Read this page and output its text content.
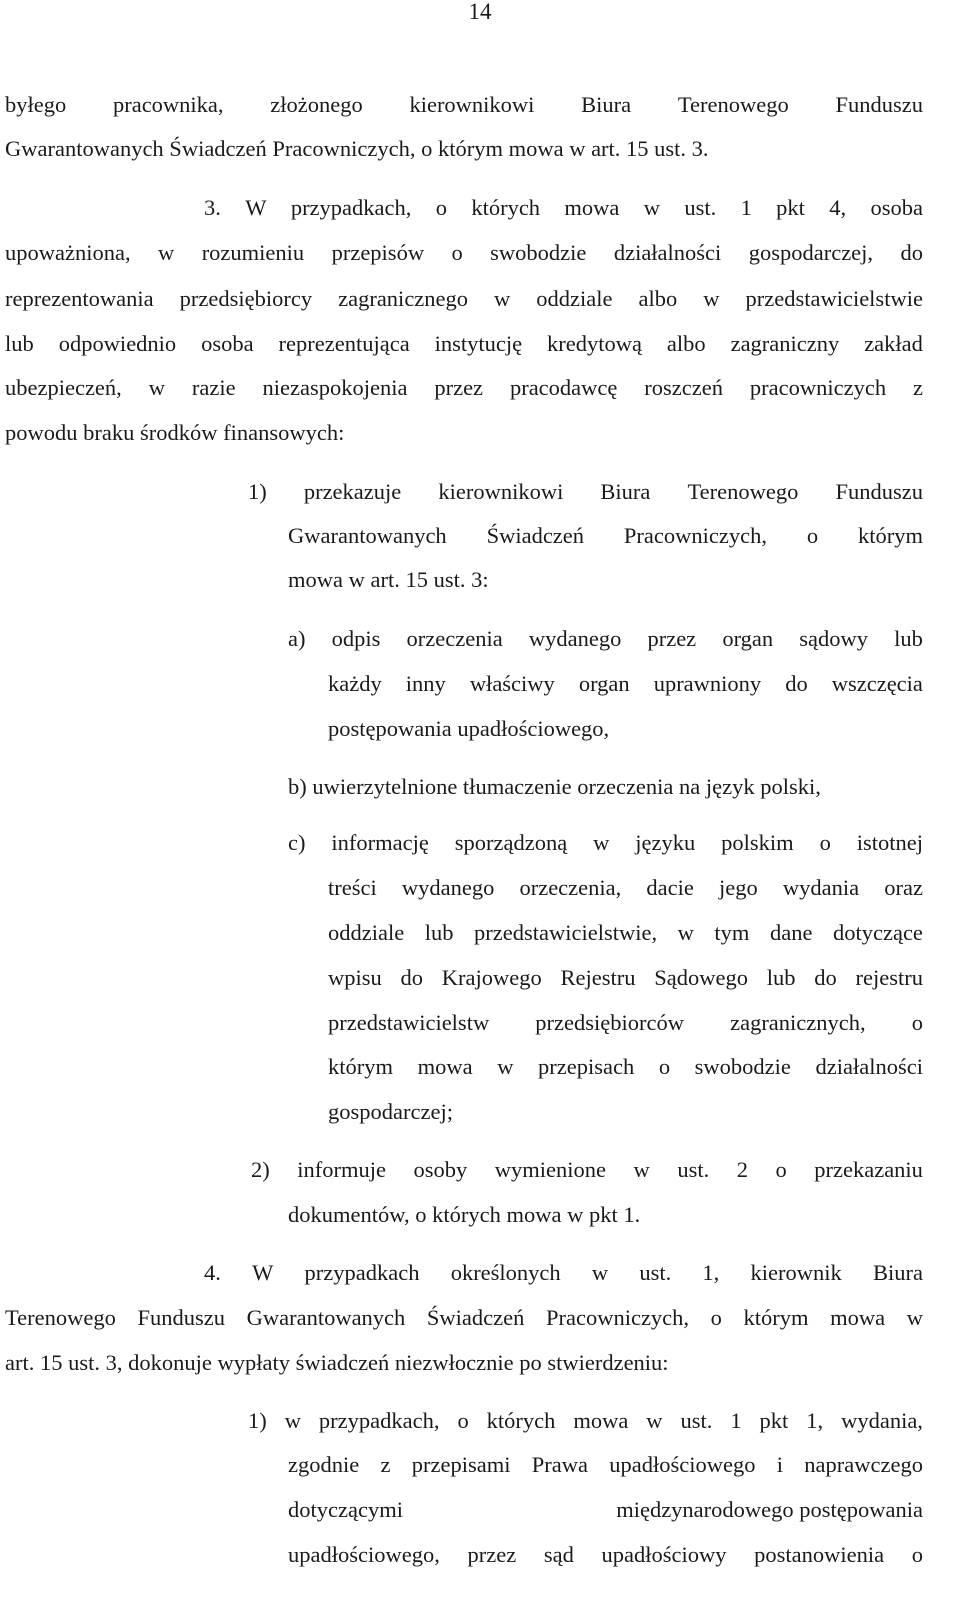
14
byłego pracownika, złożonego kierownikowi Biura Terenowego Funduszu
Gwarantowanych Świadczeń Pracowniczych, o którym mowa w art. 15 ust. 3.
3. W przypadkach, o których mowa w ust. 1 pkt 4, osoba
upoważniona, w rozumieniu przepisów o swobodzie działalności gospodarczej, do
reprezentowania przedsiębiorcy zagranicznego w oddziale albo w przedstawicielstwie
lub odpowiednio osoba reprezentująca instytucję kredytową albo zagraniczny zakład
ubezpieczeń, w razie niezaspokojenia przez pracodawcę roszczeń pracowniczych z
powodu braku środków finansowych:
1) przekazuje kierownikowi Biura Terenowego Funduszu
Gwarantowanych Świadczeń Pracowniczych, o którym
mowa w art. 15 ust. 3:
a) odpis orzeczenia wydanego przez organ sądowy lub
każdy inny właściwy organ uprawniony do wszczęcia
postępowania upadłościowego,
b) uwierzytelnione tłumaczenie orzeczenia na język polski,
c) informację sporządzoną w języku polskim o istotnej
treści wydanego orzeczenia, dacie jego wydania oraz
oddziale lub przedstawicielstwie, w tym dane dotyczące
wpisu do Krajowego Rejestru Sądowego lub do rejestru
przedstawicielstw przedsiębiorców zagranicznych, o
którym mowa w przepisach o swobodzie działalności
gospodarczej;
2) informuje osoby wymienione w ust. 2 o przekazaniu
dokumentów, o których mowa w pkt 1.
4. W przypadkach określonych w ust. 1, kierownik Biura
Terenowego Funduszu Gwarantowanych Świadczeń Pracowniczych, o którym mowa w
art. 15 ust. 3, dokonuje wypłaty świadczeń niezwłocznie po stwierdzeniu:
1) w przypadkach, o których mowa w ust. 1 pkt 1, wydania,
zgodnie z przepisami Prawa upadłościowego i naprawczego
dotyczącymi	międzynarodowego postępowania
upadłościowego, przez sąd upadłościowy postanowienia o
